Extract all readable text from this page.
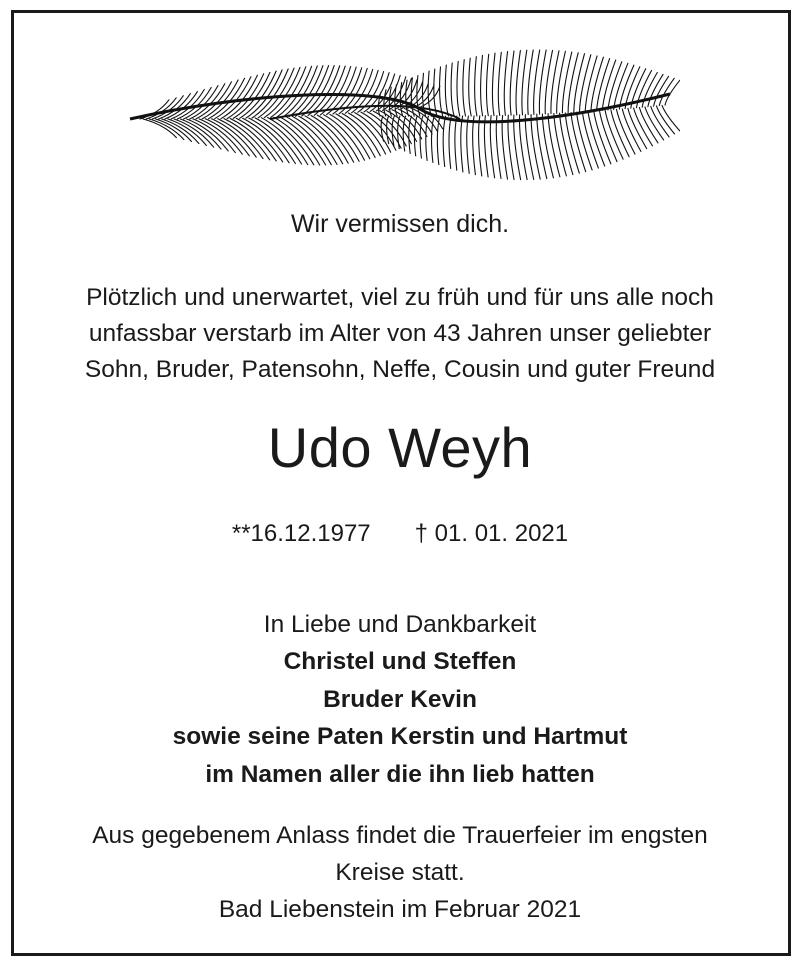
Wir vermissen dich.
Plötzlich und unerwartet, viel zu früh und für uns alle noch
unfassbar verstarb im Alter von 43 Jahren unser geliebter
Sohn, Bruder, Patensohn, Neffe, Cousin und guter Freund
Udo Weyh
**16.12.1977 † 01. 01. 2021
In Liebe und Dankbarkeit
Christel und Steffen
Bruder Kevin
sowie seine Paten Kerstin und Hartmut
im Namen aller die ihn lieb hatten
Aus gegebenem Anlass findet die Trauerfeier im engsten
Kreise statt.
Bad Liebenstein im Februar 2021
